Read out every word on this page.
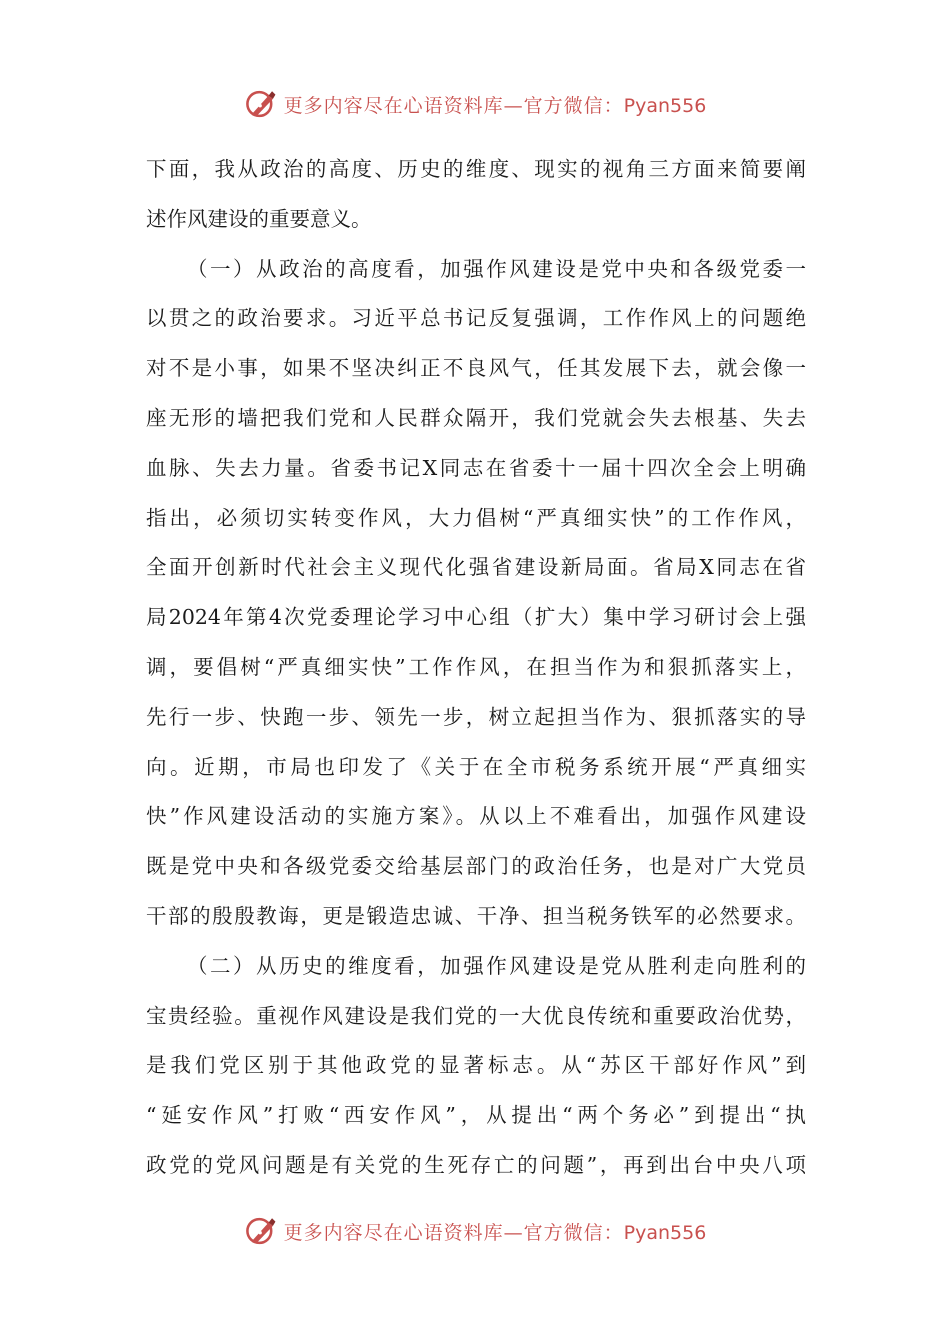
更多内容尽在心语资料库—官方微信：Pyan556
下面，我从政治的高度、历史的维度、现实的视角三方面来简要阐
述作风建设的重要意义。
（一）从政治的高度看，加强作风建设是党中央和各级党委一
以贯之的政治要求。习近平总书记反复强调，工作作风上的问题绝
对不是小事，如果不坚决纠正不良风气，任其发展下去，就会像一
座无形的墙把我们党和人民群众隔开，我们党就会失去根基、失去
血脉、失去力量。省委书记X同志在省委十一届十四次全会上明确
指出，必须切实转变作风，大力倡树“严真细实快”的工作作风，
全面开创新时代社会主义现代化强省建设新局面。省局X同志在省
局2024年第4次党委理论学习中心组（扩大）集中学习研讨会上强
调，要倡树“严真细实快”工作作风，在担当作为和狠抓落实上，
先行一步、快跑一步、领先一步，树立起担当作为、狠抓落实的导
向。近期，市局也印发了《关于在全市税务系统开展“严真细实
快”作风建设活动的实施方案》。从以上不难看出，加强作风建设
既是党中央和各级党委交给基层部门的政治任务，也是对广大党员
干部的殷殷教诲，更是锻造忠诚、干净、担当税务铁军的必然要求。
（二）从历史的维度看，加强作风建设是党从胜利走向胜利的
宝贵经验。重视作风建设是我们党的一大优良传统和重要政治优势，
是我们党区别于其他政党的显著标志。从“苏区干部好作风”到
“延安作风”打败“西安作风”，从提出“两个务必”到提出“执
政党的党风问题是有关党的生死存亡的问题”，再到出台中央八项
更多内容尽在心语资料库—官方微信：Pyan556
